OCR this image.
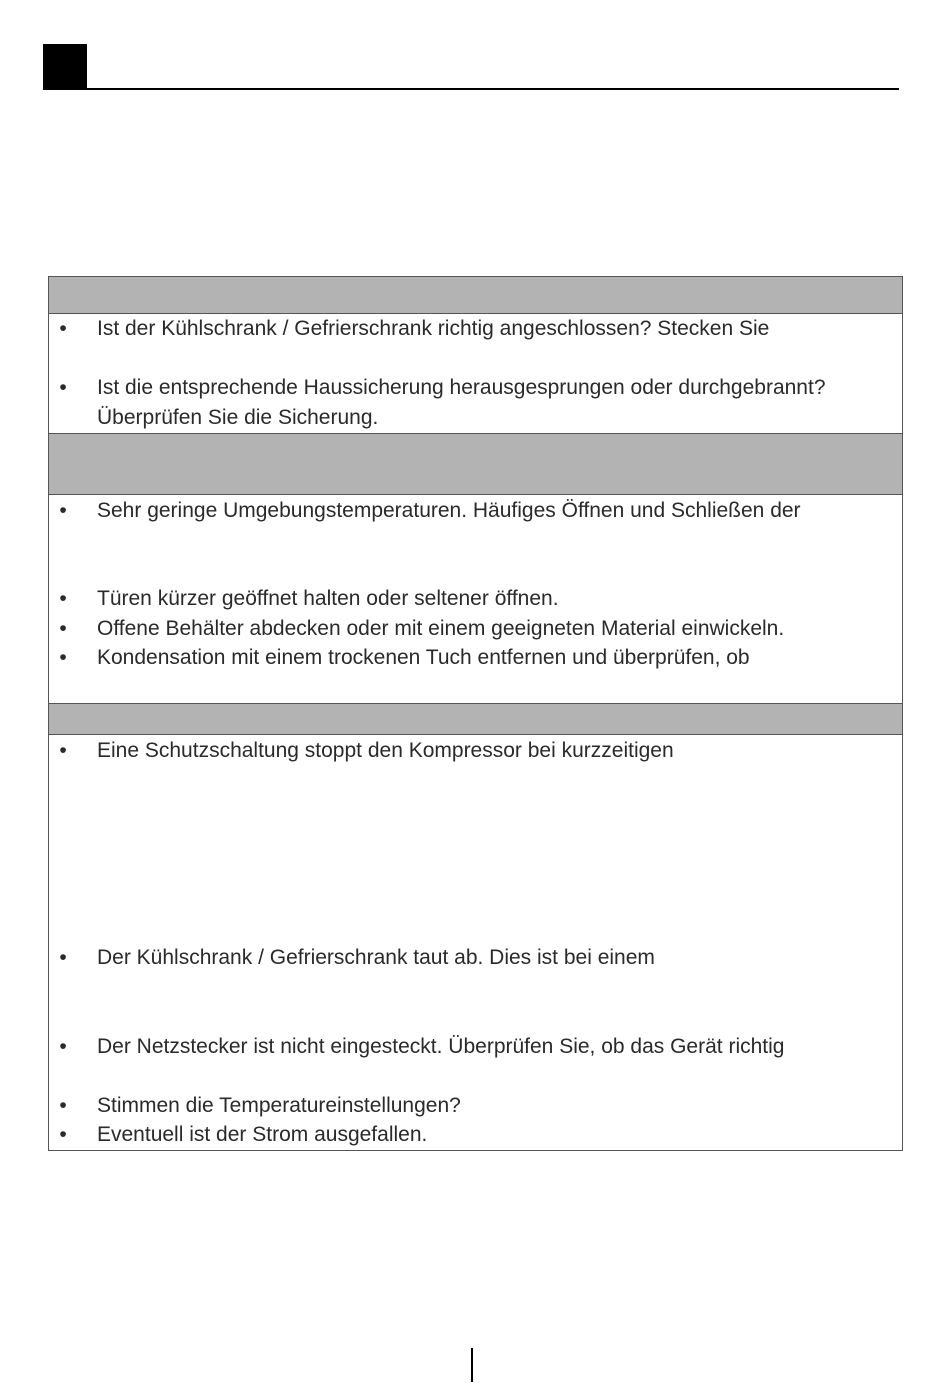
• Ist der Kühlschrank / Gefrierschrank richtig angeschlossen? Stecken Sie
• Ist die entsprechende Haussicherung herausgesprungen oder durchgebrannt? Überprüfen Sie die Sicherung.
• Sehr geringe Umgebungstemperaturen. Häufiges Öffnen und Schließen der
• Türen kürzer geöffnet halten oder seltener öffnen.
• Offene Behälter abdecken oder mit einem geeigneten Material einwickeln.
• Kondensation mit einem trockenen Tuch entfernen und überprüfen, ob
• Eine Schutzschaltung stoppt den Kompressor bei kurzzeitigen
• Der Kühlschrank / Gefrierschrank taut ab. Dies ist bei einem
• Der Netzstecker ist nicht eingesteckt. Überprüfen Sie, ob das Gerät richtig
• Stimmen die Temperatureinstellungen?
• Eventuell ist der Strom ausgefallen.
